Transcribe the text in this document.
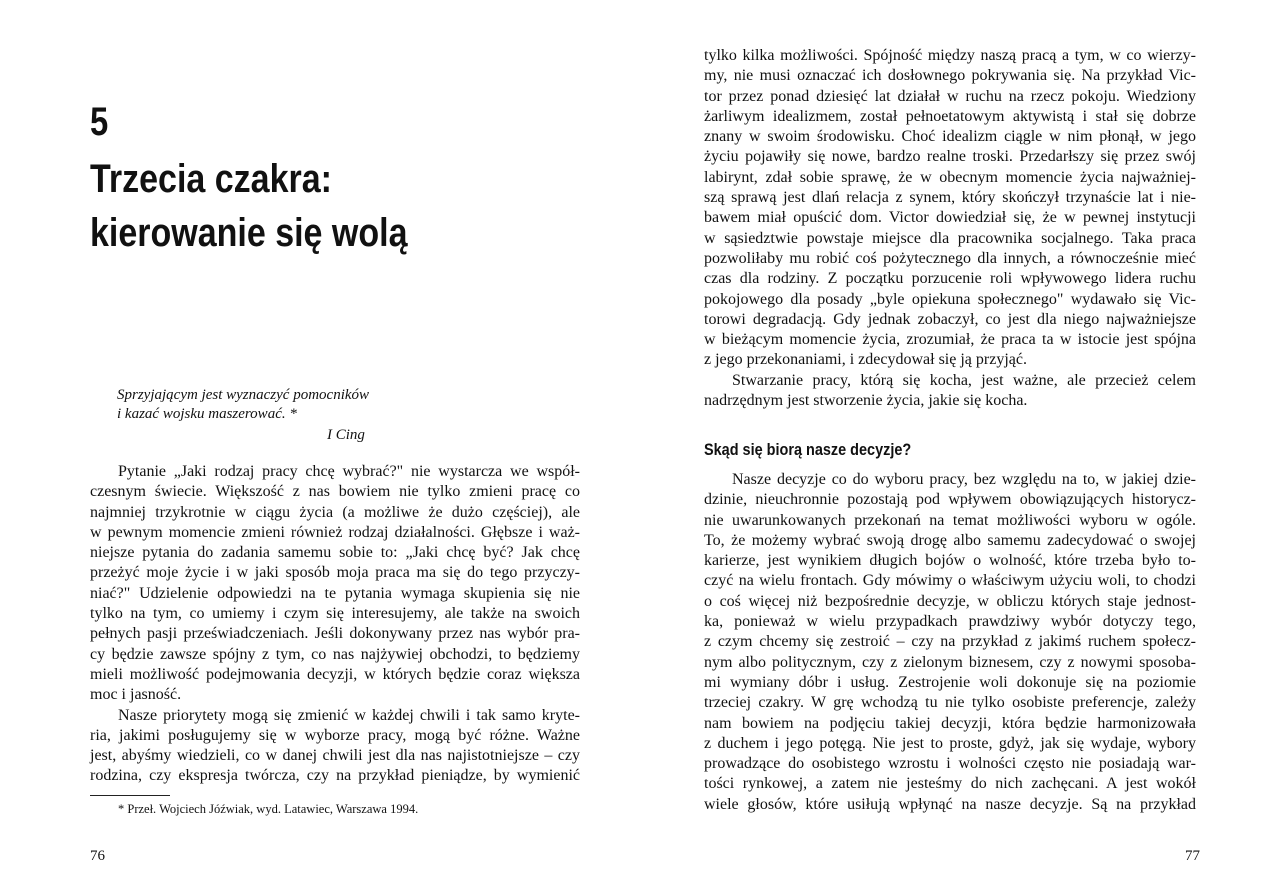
5
Trzecia czakra:
kierowanie się wolą
Sprzyjającym jest wyznaczyć pomocników
i kazać wojsku maszerować. *
I Cing
Pytanie „Jaki rodzaj pracy chcę wybrać?" nie wystarcza we współ-
czesnym świecie. Większość z nas bowiem nie tylko zmieni pracę co
najmniej trzykrotnie w ciągu życia (a możliwe że dużo częściej), ale
w pewnym momencie zmieni również rodzaj działalności. Głębsze i waż-
niejsze pytania do zadania samemu sobie to: „Jaki chcę być? Jak chcę
przeżyć moje życie i w jaki sposób moja praca ma się do tego przyczy-
niać?" Udzielenie odpowiedzi na te pytania wymaga skupienia się nie
tylko na tym, co umiemy i czym się interesujemy, ale także na swoich
pełnych pasji przeświadczeniach. Jeśli dokonywany przez nas wybór pra-
cy będzie zawsze spójny z tym, co nas najżywiej obchodzi, to będziemy
mieli możliwość podejmowania decyzji, w których będzie coraz większa
moc i jasność.
Nasze priorytety mogą się zmienić w każdej chwili i tak samo kryte-
ria, jakimi posługujemy się w wyborze pracy, mogą być różne. Ważne
jest, abyśmy wiedzieli, co w danej chwili jest dla nas najistotniejsze – czy
rodzina, czy ekspresja twórcza, czy na przykład pieniądze, by wymienić
* Przeł. Wojciech Jóźwiak, wyd. Latawiec, Warszawa 1994.
76
tylko kilka możliwości. Spójność między naszą pracą a tym, w co wierzy-
my, nie musi oznaczać ich dosłownego pokrywania się. Na przykład Vic-
tor przez ponad dziesięć lat działał w ruchu na rzecz pokoju. Wiedziony
żarliwym idealizmem, został pełnoetatowym aktywistą i stał się dobrze
znany w swoim środowisku. Choć idealizm ciągle w nim płonął, w jego
życiu pojawiły się nowe, bardzo realne troski. Przedarłszy się przez swój
labirynt, zdał sobie sprawę, że w obecnym momencie życia najważniej-
szą sprawą jest dlań relacja z synem, który skończył trzynaście lat i nie-
bawem miał opuścić dom. Victor dowiedział się, że w pewnej instytucji
w sąsiedztwie powstaje miejsce dla pracownika socjalnego. Taka praca
pozwoliłaby mu robić coś pożytecznego dla innych, a równocześnie mieć
czas dla rodziny. Z początku porzucenie roli wpływowego lidera ruchu
pokojowego dla posady „byle opiekuna społecznego" wydawało się Vic-
torowi degradacją. Gdy jednak zobaczył, co jest dla niego najważniejsze
w bieżącym momencie życia, zrozumiał, że praca ta w istocie jest spójna
z jego przekonaniami, i zdecydował się ją przyjąć.
Stwarzanie pracy, którą się kocha, jest ważne, ale przecież celem
nadrzędnym jest stworzenie życia, jakie się kocha.
Skąd się biorą nasze decyzje?
Nasze decyzje co do wyboru pracy, bez względu na to, w jakiej dzie-
dzinie, nieuchronnie pozostają pod wpływem obowiązujących historycz-
nie uwarunkowanych przekonań na temat możliwości wyboru w ogóle.
To, że możemy wybrać swoją drogę albo samemu zadecydować o swojej
karierze, jest wynikiem długich bojów o wolność, które trzeba było to-
czyć na wielu frontach. Gdy mówimy o właściwym użyciu woli, to chodzi
o coś więcej niż bezpośrednie decyzje, w obliczu których staje jednost-
ka, ponieważ w wielu przypadkach prawdziwy wybór dotyczy tego,
z czym chcemy się zestroić – czy na przykład z jakimś ruchem społecz-
nym albo politycznym, czy z zielonym biznesem, czy z nowymi sposoba-
mi wymiany dóbr i usług. Zestrojenie woli dokonuje się na poziomie
trzeciej czakry. W grę wchodzą tu nie tylko osobiste preferencje, zależy
nam bowiem na podjęciu takiej decyzji, która będzie harmonizowała
z duchem i jego potęgą. Nie jest to proste, gdyż, jak się wydaje, wybory
prowadzące do osobistego wzrostu i wolności często nie posiadają war-
tości rynkowej, a zatem nie jesteśmy do nich zachęcani. A jest wokół
wiele głosów, które usiłują wpłynąć na nasze decyzje. Są na przykład
77
